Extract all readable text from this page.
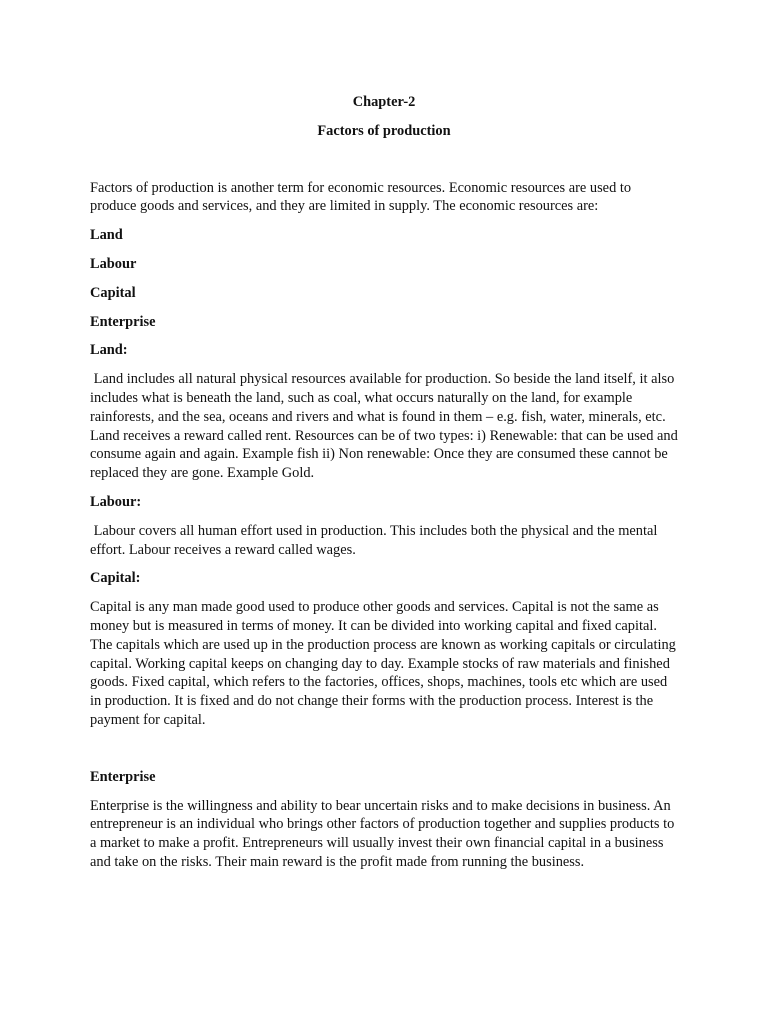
Chapter-2

Factors of production

Factors of production is another term for economic resources. Economic resources are used to produce goods and services, and they are limited in supply. The economic resources are:

Land

Labour

Capital

Enterprise

Land:

Land includes all natural physical resources available for production. So beside the land itself, it also includes what is beneath the land, such as coal, what occurs naturally on the land, for example rainforests, and the sea, oceans and rivers and what is found in them – e.g. fish, water, minerals, etc. Land receives a reward called rent. Resources can be of two types: i) Renewable: that can be used and consume again and again. Example fish ii) Non renewable: Once they are consumed these cannot be replaced they are gone. Example Gold.

Labour:

Labour covers all human effort used in production. This includes both the physical and the mental effort. Labour receives a reward called wages.

Capital:

Capital is any man made good used to produce other goods and services. Capital is not the same as money but is measured in terms of money. It can be divided into working capital and fixed capital. The capitals which are used up in the production process are known as working capitals or circulating capital. Working capital keeps on changing day to day. Example stocks of raw materials and finished goods. Fixed capital, which refers to the factories, offices, shops, machines, tools etc which are used in production. It is fixed and do not change their forms with the production process. Interest is the payment for capital.

Enterprise

Enterprise is the willingness and ability to bear uncertain risks and to make decisions in business. An entrepreneur is an individual who brings other factors of production together and supplies products to a market to make a profit. Entrepreneurs will usually invest their own financial capital in a business and take on the risks. Their main reward is the profit made from running the business.
